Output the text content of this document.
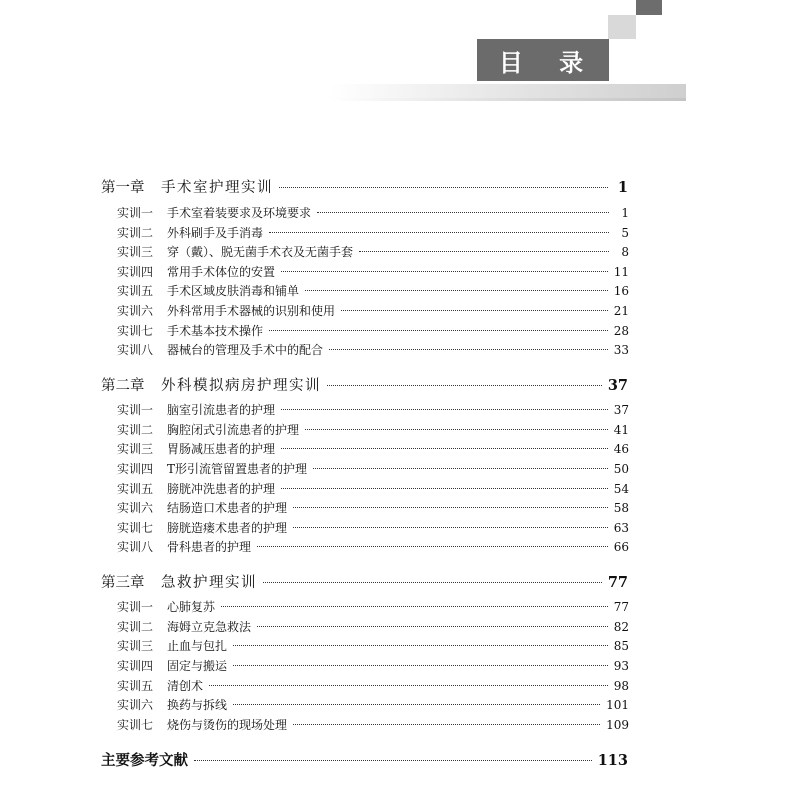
目 录
第一章	手术室护理实训	1
实训一	手术室着装要求及环境要求	1
实训二	外科刷手及手消毒	5
实训三	穿（戴）、脱无菌手术衣及无菌手套	8
实训四	常用手术体位的安置	11
实训五	手术区域皮肤消毒和铺单	16
实训六	外科常用手术器械的识别和使用	21
实训七	手术基本技术操作	28
实训八	器械台的管理及手术中的配合	33
第二章	外科模拟病房护理实训	37
实训一	脑室引流患者的护理	37
实训二	胸腔闭式引流患者的护理	41
实训三	胃肠减压患者的护理	46
实训四	T形引流管留置患者的护理	50
实训五	膀胱冲洗患者的护理	54
实训六	结肠造口术患者的护理	58
实训七	膀胱造瘘术患者的护理	63
实训八	骨科患者的护理	66
第三章	急救护理实训	77
实训一	心肺复苏	77
实训二	海姆立克急救法	82
实训三	止血与包扎	85
实训四	固定与搬运	93
实训五	清创术	98
实训六	换药与拆线	101
实训七	烧伤与烫伤的现场处理	109
主要参考文献	113
